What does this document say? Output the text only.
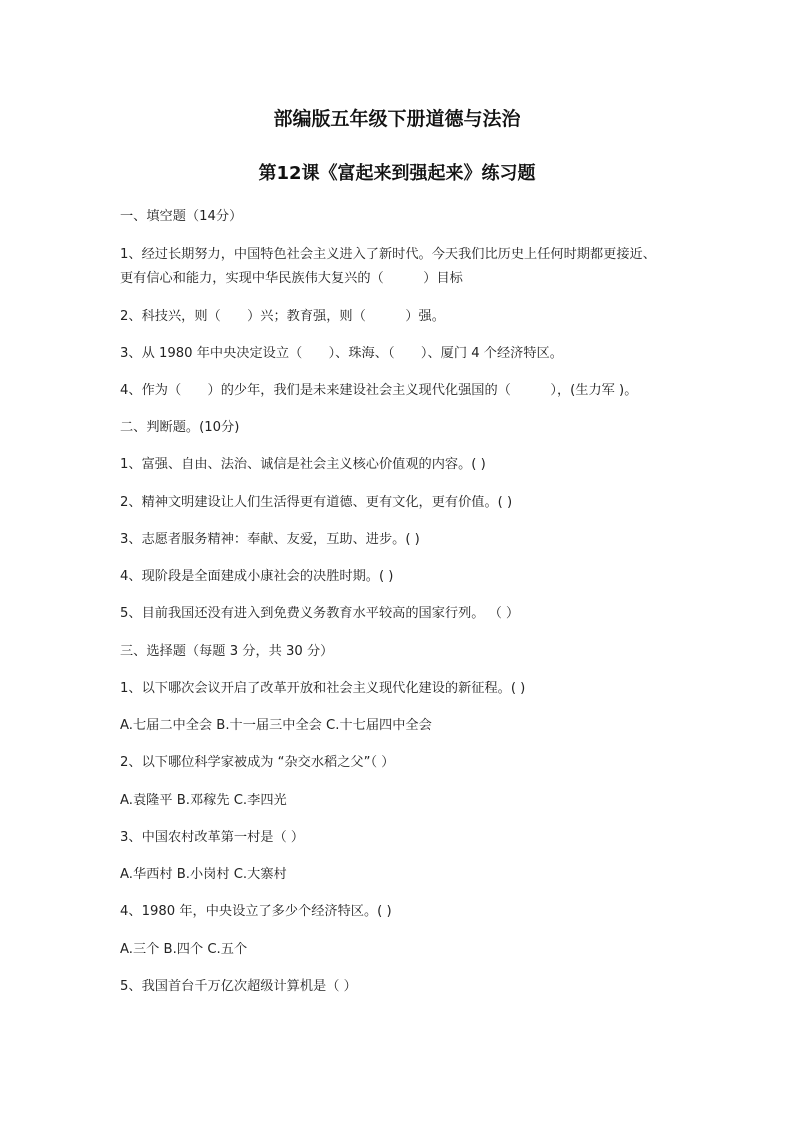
部编版五年级下册道德与法治
第12课《富起来到强起来》练习题

一、填空题（14分）

1、经过长期努力，中国特色社会主义进入了新时代。今天我们比历史上任何时期都更接近、

更有信心和能力，实现中华民族伟大复兴的（　　　）目标

2、科技兴，则（　　）兴；教育强，则（　　　）强。

3、从 1980 年中央决定设立（　　）、珠海、（　　）、厦门 4 个经济特区。

4、作为（　　）的少年，我们是未来建设社会主义现代化强国的（　　　），(生力军 )。

二、判断题。(10分)

1、富强、自由、法治、诚信是社会主义核心价值观的内容。( )

2、精神文明建设让人们生活得更有道德、更有文化，更有价值。( )

3、志愿者服务精神：奉献、友爱，互助、进步。( )

4、现阶段是全面建成小康社会的决胜时期。( )

5、目前我国还没有进入到免费义务教育水平较高的国家行列。 （ ）

三、选择题（每题 3 分，共 30 分）

1、以下哪次会议开启了改革开放和社会主义现代化建设的新征程。( )

A.七届二中全会 B.十一届三中全会 C.十七届四中全会

2、以下哪位科学家被成为 “杂交水稻之父”（ ）

A.袁隆平 B.邓稼先 C.李四光

3、中国农村改革第一村是（ ）

A.华西村 B.小岗村 C.大寨村

4、1980 年，中央设立了多少个经济特区。( )

A.三个 B.四个 C.五个

5、我国首台千万亿次超级计算机是（ ）
